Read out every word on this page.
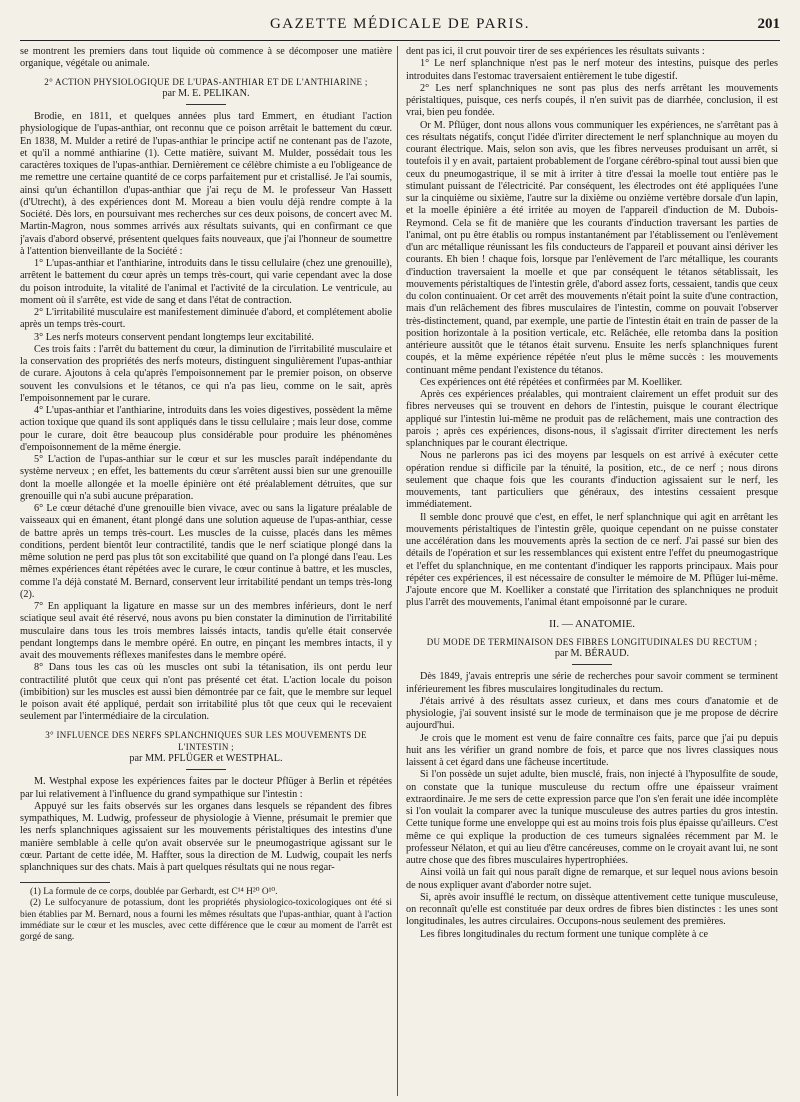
GAZETTE MÉDICALE DE PARIS.	201

se montrent les premiers dans tout liquide où commence à se décomposer une matière organique, végétale ou animale.

2° ACTION PHYSIOLOGIQUE DE L'UPAS-ANTHIAR ET DE L'ANTHIARINE ;

par M. E. PELIKAN.

Brodie, en 1811, et quelques années plus tard Emmert, en étudiant l'action physiologique de l'upas-anthiar, ont reconnu que ce poison arrêtait le battement du cœur. En 1838, M. Mulder a retiré de l'upas-anthiar le principe actif ne contenant pas de l'azote, et qu'il a nommé anthiarine (1). Cette matière, suivant M. Mulder, possédait tous les caractères toxiques de l'upas-anthiar. Dernièrement ce célèbre chimiste a eu l'obligeance de me remettre une certaine quantité de ce corps parfaitement pur et cristallisé. Je l'ai soumis, ainsi qu'un échantillon d'upas-anthiar que j'ai reçu de M. le professeur Van Hassett (d'Utrecht), à des expériences dont M. Moreau a bien voulu déjà rendre compte à la Société. Dès lors, en poursuivant mes recherches sur ces deux poisons, de concert avec M. Martin-Magron, nous sommes arrivés aux résultats suivants, qui en confirmant ce que j'avais d'abord observé, présentent quelques faits nouveaux, que j'ai l'honneur de soumettre à l'attention bienveillante de la Société :

1° L'upas-anthiar et l'anthiarine, introduits dans le tissu cellulaire (chez une grenouille), arrêtent le battement du cœur après un temps très-court, qui varie cependant avec la dose du poison introduite, la vitalité de l'animal et l'activité de la circulation. Le ventricule, au moment où il s'arrête, est vide de sang et dans l'état de contraction.

2° L'irritabilité musculaire est manifestement diminuée d'abord, et complétement abolie après un temps très-court.

3° Les nerfs moteurs conservent pendant longtemps leur excitabilité.

Ces trois faits : l'arrêt du battement du cœur, la diminution de l'irritabilité musculaire et la conservation des propriétés des nerfs moteurs, distinguent singulièrement l'upas-anthiar de curare. Ajoutons à cela qu'après l'empoisonnement par le premier poison, on observe souvent les convulsions et le tétanos, ce qui n'a pas lieu, comme on le sait, après l'empoisonnement par le curare.

4° L'upas-anthiar et l'anthiarine, introduits dans les voies digestives, possèdent la même action toxique que quand ils sont appliqués dans le tissu cellulaire ; mais leur dose, comme pour le curare, doit être beaucoup plus considérable pour produire les phénomènes d'empoisonnement de la même énergie.

5° L'action de l'upas-anthiar sur le cœur et sur les muscles paraît indépendante du système nerveux ; en effet, les battements du cœur s'arrêtent aussi bien sur une grenouille dont la moelle allongée et la moelle épinière ont été préalablement détruites, que sur grenouille qui n'a subi aucune préparation.

6° Le cœur détaché d'une grenouille bien vivace, avec ou sans la ligature préalable de vaisseaux qui en émanent, étant plongé dans une solution aqueuse de l'upas-anthiar, cesse de battre après un temps très-court. Les muscles de la cuisse, placés dans les mêmes conditions, perdent bientôt leur contractilité, tandis que le nerf sciatique plongé dans la même solution ne perd pas plus tôt son excitabilité que quand on l'a plongé dans l'eau. Les mêmes expériences étant répétées avec le curare, le cœur continue à battre, et les muscles, comme l'a déjà constaté M. Bernard, conservent leur irritabilité pendant un temps très-long (2).

7° En appliquant la ligature en masse sur un des membres inférieurs, dont le nerf sciatique seul avait été réservé, nous avons pu bien constater la diminution de l'irritabilité musculaire dans tous les trois membres laissés intacts, tandis qu'elle était conservée pendant longtemps dans le membre opéré. En outre, en pinçant les membres intacts, il y avait des mouvements réflexes manifestes dans le membre opéré.

8° Dans tous les cas où les muscles ont subi la tétanisation, ils ont perdu leur contractilité plutôt que ceux qui n'ont pas présenté cet état. L'action locale du poison (imbibition) sur les muscles est aussi bien démontrée par ce fait, que le membre sur lequel le poison avait été appliqué, perdait son irritabilité plus tôt que ceux qui le recevaient seulement par l'intermédiaire de la circulation.

3° INFLUENCE DES NERFS SPLANCHNIQUES SUR LES MOUVEMENTS DE L'INTESTIN ;

par MM. PFLÜGER et WESTPHAL.

M. Westphal expose les expériences faites par le docteur Pflüger à Berlin et répétées par lui relativement à l'influence du grand sympathique sur l'intestin :

Appuyé sur les faits observés sur les organes dans lesquels se répandent des fibres sympathiques, M. Ludwig, professeur de physiologie à Vienne, présumait le premier que les nerfs splanchniques agissaient sur les mouvements péristaltiques des intestins d'une manière semblable à celle qu'on avait observée sur le pneumogastrique agissant sur le cœur. Partant de cette idée, M. Haffter, sous la direction de M. Ludwig, coupait les nerfs splanchniques sur des chats. Mais à part quelques résultats qui ne nous regar-

(1) La formule de ce corps, doublée par Gerhardt, est C¹⁴ H²⁰ O¹⁰.

(2) Le sulfocyanure de potassium, dont les propriétés physiologico-toxicologiques ont été si bien établies par M. Bernard, nous a fourni les mêmes résultats que l'upas-anthiar, quant à l'action immédiate sur le cœur et les muscles, avec cette différence que le cœur au moment de l'arrêt est gorgé de sang.

dent pas ici, il crut pouvoir tirer de ses expériences les résultats suivants :

1° Le nerf splanchnique n'est pas le nerf moteur des intestins, puisque des perles introduites dans l'estomac traversaient entièrement le tube digestif.

2° Les nerf splanchniques ne sont pas plus des nerfs arrêtant les mouvements péristaltiques, puisque, ces nerfs coupés, il n'en suivit pas de diarrhée, conclusion, il est vrai, bien peu fondée.

Or M. Pflüger, dont nous allons vous communiquer les expériences, ne s'arrêtant pas à ces résultats négatifs, conçut l'idée d'irriter directement le nerf splanchnique au moyen du courant électrique. Mais, selon son avis, que les fibres nerveuses produisant un arrêt, si toutefois il y en avait, partaient probablement de l'organe cérébro-spinal tout aussi bien que ceux du pneumogastrique, il se mit à irriter à titre d'essai la moelle tout entière pas le stimulant puissant de l'électricité. Par conséquent, les électrodes ont été appliquées l'une sur la cinquième ou sixième, l'autre sur la dixième ou onzième vertèbre dorsale d'un lapin, et la moelle épinière a été irritée au moyen de l'appareil d'induction de M. Dubois-Reymond. Cela se fit de manière que les courants d'induction traversant les parties de l'animal, ont pu être établis ou rompus instantanément par l'établissement ou l'enlèvement d'un arc métallique réunissant les fils conducteurs de l'appareil et pouvant ainsi dériver les courants. Eh bien ! chaque fois, lorsque par l'enlèvement de l'arc métallique, les courants d'induction traversaient la moelle et que par conséquent le tétanos sétablissait, les mouvements péristaltiques de l'intestin grêle, d'abord assez forts, cessaient, tandis que ceux du colon continuaient. Or cet arrêt des mouvements n'était point la suite d'une contraction, mais d'un relâchement des fibres musculaires de l'intestin, comme on pouvait l'observer très-distinctement, quand, par exemple, une partie de l'intestin était en train de passer de la position horizontale à la position verticale, etc. Relâchée, elle retomba dans la position antérieure aussitôt que le tétanos était survenu. Ensuite les nerfs splanchniques furent coupés, et la même expérience répétée n'eut plus le même succès : les mouvements continuant même pendant l'existence du tétanos.

Ces expériences ont été répétées et confirmées par M. Koelliker.

Après ces expériences préalables, qui montraient clairement un effet produit sur des fibres nerveuses qui se trouvent en dehors de l'intestin, puisque le courant électrique appliqué sur l'intestin lui-même ne produit pas de relâchement, mais une contraction des parois ; après ces expériences, disons-nous, il s'agissait d'irriter directement les nerfs splanchniques par le courant électrique.

Nous ne parlerons pas ici des moyens par lesquels on est arrivé à exécuter cette opération rendue si difficile par la ténuité, la position, etc., de ce nerf ; nous dirons seulement que chaque fois que les courants d'induction agissaient sur le nerf, les mouvements, tant particuliers que généraux, des intestins cessaient presque immédiatement.

Il semble donc prouvé que c'est, en effet, le nerf splanchnique qui agit en arrêtant les mouvements péristaltiques de l'intestin grêle, quoique cependant on ne puisse constater une accélération dans les mouvements après la section de ce nerf. J'ai passé sur bien des détails de l'opération et sur les ressemblances qui existent entre l'effet du pneumogastrique et l'effet du splanchnique, en me contentant d'indiquer les rapports principaux. Mais pour répéter ces expériences, il est nécessaire de consulter le mémoire de M. Pflüger lui-même. J'ajoute encore que M. Koelliker a constaté que l'irritation des splanchniques ne produit plus l'arrêt des mouvements, l'animal étant empoisonné par le curare.

II. — ANATOMIE.

DU MODE DE TERMINAISON DES FIBRES LONGITUDINALES DU RECTUM ;

par M. BÉRAUD.

Dès 1849, j'avais entrepris une série de recherches pour savoir comment se terminent inférieurement les fibres musculaires longitudinales du rectum.

J'étais arrivé à des résultats assez curieux, et dans mes cours d'anatomie et de physiologie, j'ai souvent insisté sur le mode de terminaison que je me propose de décrire aujourd'hui.

Je crois que le moment est venu de faire connaître ces faits, parce que j'ai pu depuis huit ans les vérifier un grand nombre de fois, et parce que nos livres classiques nous laissent à cet égard dans une fâcheuse incertitude.

Si l'on possède un sujet adulte, bien musclé, frais, non injecté à l'hyposulfite de soude, on constate que la tunique musculeuse du rectum offre une épaisseur vraiment extraordinaire. Je me sers de cette expression parce que l'on s'en ferait une idée incomplète si l'on voulait la comparer avec la tunique musculeuse des autres parties du gros intestin. Cette tunique forme une enveloppe qui est au moins trois fois plus épaisse qu'ailleurs. C'est même ce qui explique la production de ces tumeurs signalées récemment par M. le professeur Nélaton, et qui au lieu d'être cancéreuses, comme on le croyait avant lui, ne sont autre chose que des fibres musculaires hypertrophiées.

Ainsi voilà un fait qui nous paraît digne de remarque, et sur lequel nous avions besoin de nous expliquer avant d'aborder notre sujet.

Si, après avoir insufflé le rectum, on dissèque attentivement cette tunique musculeuse, on reconnaît qu'elle est constituée par deux ordres de fibres bien distinctes : les unes sont longitudinales, les autres circulaires. Occupons-nous seulement des premières.

Les fibres longitudinales du rectum forment une tunique complète à ce
